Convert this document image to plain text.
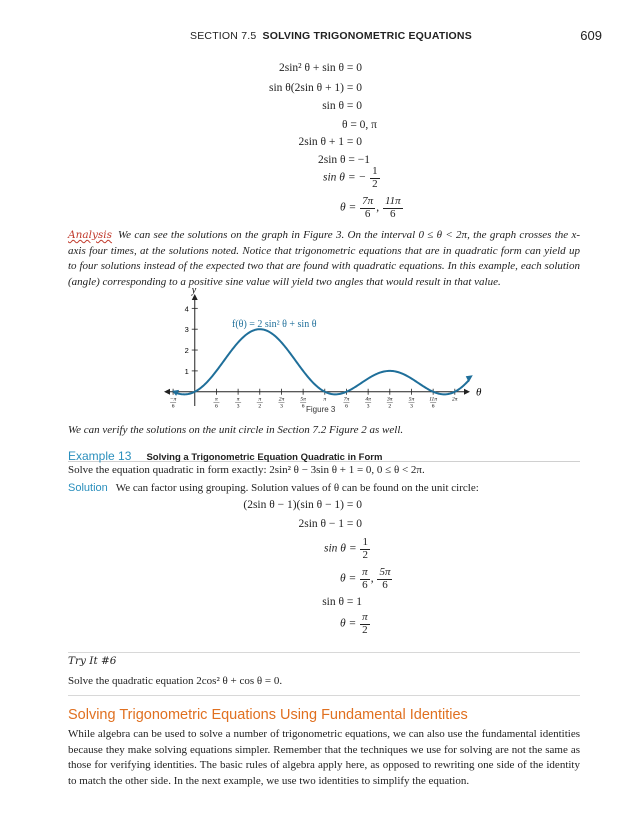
SECTION 7.5 SOLVING TRIGONOMETRIC EQUATIONS	609
2sin² θ + sin θ = 0
sin θ(2sin θ + 1) = 0
sin θ = 0
θ = 0, π
2sin θ + 1 = 0
2sin θ = −1
sin θ = − $\frac{1}{2}$
$\theta = \frac{7\pi}{6}$ , $\frac{11\pi}{6}$
Analysis We can see the solutions on the graph in Figure 3. On the interval 0 ≤ θ < 2π, the graph crosses the x-axis four times, at the solutions noted. Notice that trigonometric equations that are in quadratic form can yield up to four solutions instead of the expected two that are found with quadratic equations. In this example, each solution (angle) corresponding to a positive sine value will yield two angles that would result in that value.
θ
y
1
2
3
4
−π
6
π
6
π
3
π
2
2π
3
5π
6
π	7π
6
4π
3
3π
2
5π
3
11π
6
2π
f(θ) = 2 sin² θ + sin θ
Figure 3
We can verify the solutions on the unit circle in Section 7.2 Figure 2 as well.
Example 13 Solving a Trigonometric Equation Quadratic in Form
Solve the equation quadratic in form exactly: 2sin² θ − 3sin θ + 1 = 0, 0 ≤ θ < 2π.
Solution We can factor using grouping. Solution values of θ can be found on the unit circle:
(2sin θ − 1)(sin θ − 1) = 0
2sin θ − 1 = 0
$\sin \theta = \frac{1}{2}$
$\theta = \frac{\pi}{6}$ , $\frac{5\pi}{6}$
sin θ = 1
$\theta = \frac{\pi}{2}$
Try It #6
Solve the quadratic equation 2cos² θ + cos θ = 0.
Solving Trigonometric Equations Using Fundamental Identities
While algebra can be used to solve a number of trigonometric equations, we can also use the fundamental identities because they make solving equations simpler. Remember that the techniques we use for solving are not the same as those for verifying identities. The basic rules of algebra apply here, as opposed to rewriting one side of the identity to match the other side. In the next example, we use two identities to simplify the equation.
